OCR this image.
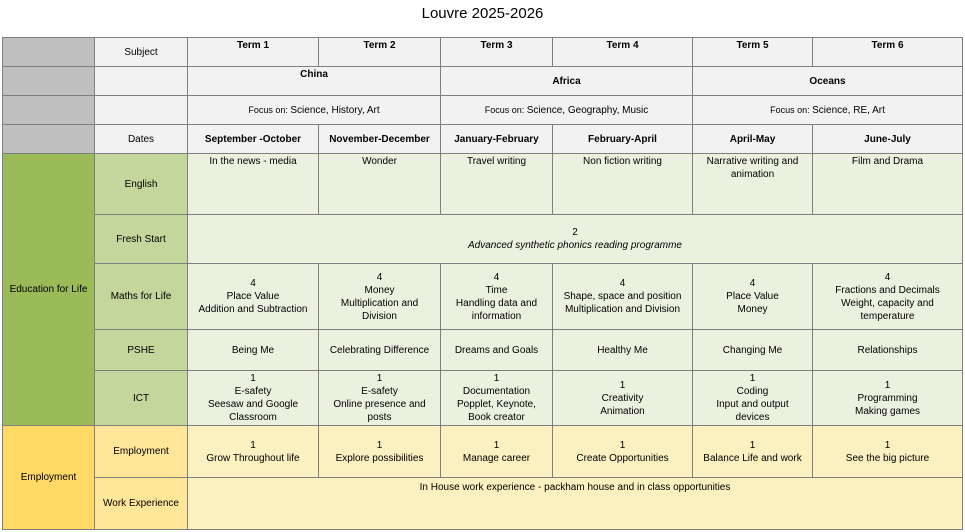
Louvre 2025-2026
	Subject	Term 1	Term 2	Term 3	Term 4	Term 5	Term 6
		China		Africa		Oceans	
		Focus on: Science, History, Art		Focus on: Science, Geography, Music		Focus on: Science, RE, Art	
	Dates	September -October	November-December	January-February	February-April	April-May	June-July
Education for Life	English	In the news - media	Wonder	Travel writing	Non fiction writing	Narrative writing and animation	Film and Drama
	Fresh Start	2
Advanced synthetic phonics reading programme					

	Maths for Life	4
Place Value
Addition and Subtraction	4
Money
Multiplication and
Division	4
Time
Handling data and
information	4
Shape, space and position
Multiplication and Division	4
Place Value
Money	4
Fractions and Decimals
Weight, capacity and
temperature
	PSHE	Being Me	Celebrating Difference	Dreams and Goals	Healthy Me	Changing Me	Relationships
	ICT	1
E-safety
Seesaw and Google
Classroom	1
E-safety
Online presence and
posts	1
Documentation
Popplet, Keynote,
Book creator	1
Creativity
Animation	1
Coding
Input and output
devices	1
Programming
Making games
Employment	Employment	1
Grow Throughout life	1
Explore possibilities	1
Manage career	1
Create Opportunities	1
Balance Life and work	1
See the big picture
	Work Experience	In House work experience - packham house and in class opportunities					
